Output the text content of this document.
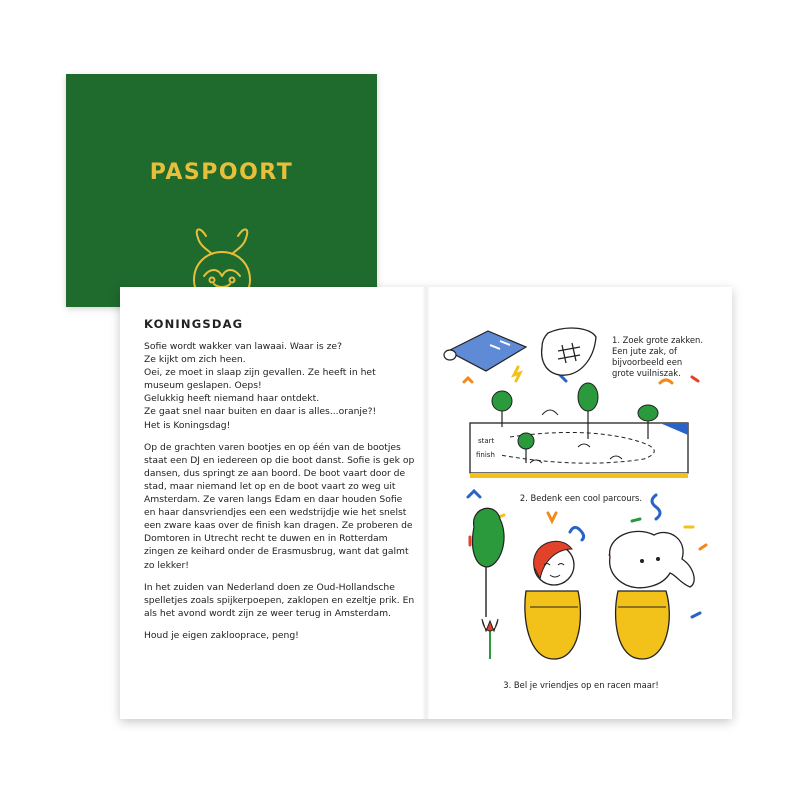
PASPOORT
KONINGSDAG

Sofie wordt wakker van lawaai. Waar is ze?
Ze kijkt om zich heen.
Oei, ze moet in slaap zijn gevallen. Ze heeft in het museum geslapen. Oeps!
Gelukkig heeft niemand haar ontdekt.
Ze gaat snel naar buiten en daar is alles...oranje?!
Het is Koningsdag!

Op de grachten varen bootjes en op één van de bootjes staat een DJ en iedereen op die boot danst. Sofie is gek op dansen, dus springt ze aan boord. De boot vaart door de stad, maar niemand let op en de boot vaart zo weg uit Amsterdam. Ze varen langs Edam en daar houden Sofie en haar dansvriendjes een een wedstrijdje wie het snelst een zware kaas over de finish kan dragen. Ze proberen de Domtoren in Utrecht recht te duwen en in Rotterdam zingen ze keihard onder de Erasmusbrug, want dat galmt zo lekker!

In het zuiden van Nederland doen ze Oud-Hollandsche spelletjes zoals spijkerpoepen, zaklopen en ezeltje prik. En als het avond wordt zijn ze weer terug in Amsterdam.

Houd je eigen zaklooprace, peng!

start
finish
1. Zoek grote zakken.
Een jute zak, of
bijvoorbeeld een
grote vuilniszak.
2. Bedenk een cool parcours.
3. Bel je vriendjes op en racen maar!
